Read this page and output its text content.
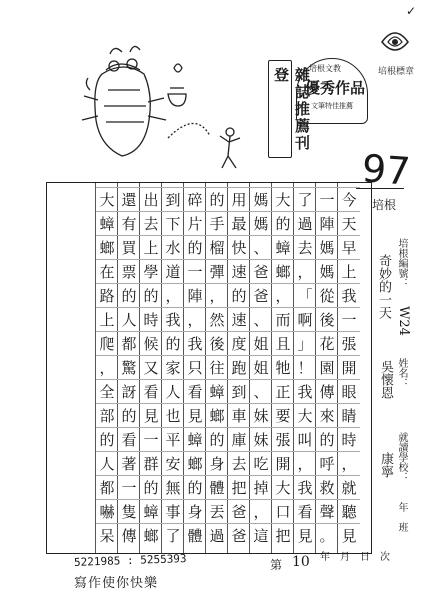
✓
培根標章
雜誌推薦刊登	培根文教
優秀作品
文筆特佳推薦
97
培根
今
天
早
上
我
一
張
開
眼
睛
時
，
就
聽
見
一
陣
媽
媽
從
後
花
園
傳
來
的
呼
救
聲
。
了
過
去
，
「
啊
」
！
我
大
叫
，
我
看
見
大
的
蟑
螂
，
而
且
牠
正
要
張
開
大
口
把
媽
媽
、
爸
爸
、
姐
姐
、
妹
妹
吃
掉
，
這
用
最
快
速
的
速
度
跑
到
車
庫
去
把
爸
爸
的
手
榴
彈
，
然
後
往
蟑
螂
的
身
體
丟
過
碎
片
的
一
陣
，
我
只
看
見
蟑
螂
的
身
體
到
下
水
道
，
我
的
家
人
也
平
安
無
事
了
出
去
上
學
的
時
候
又
看
見
一
群
的
蟑
螂
還
有
買
票
的
人
都
驚
訝
的
看
著
一
隻
傳
大
蟑
螂
在
路
上
爬
，
全
部
的
人
都
嚇
呆
培根編號：
W24
奇妙的一天
姓名：
吳懷恩
就讀學校：
康寧
年　班
年　月　日　次
第 10
5221985 : 5255393
寫作使你快樂
